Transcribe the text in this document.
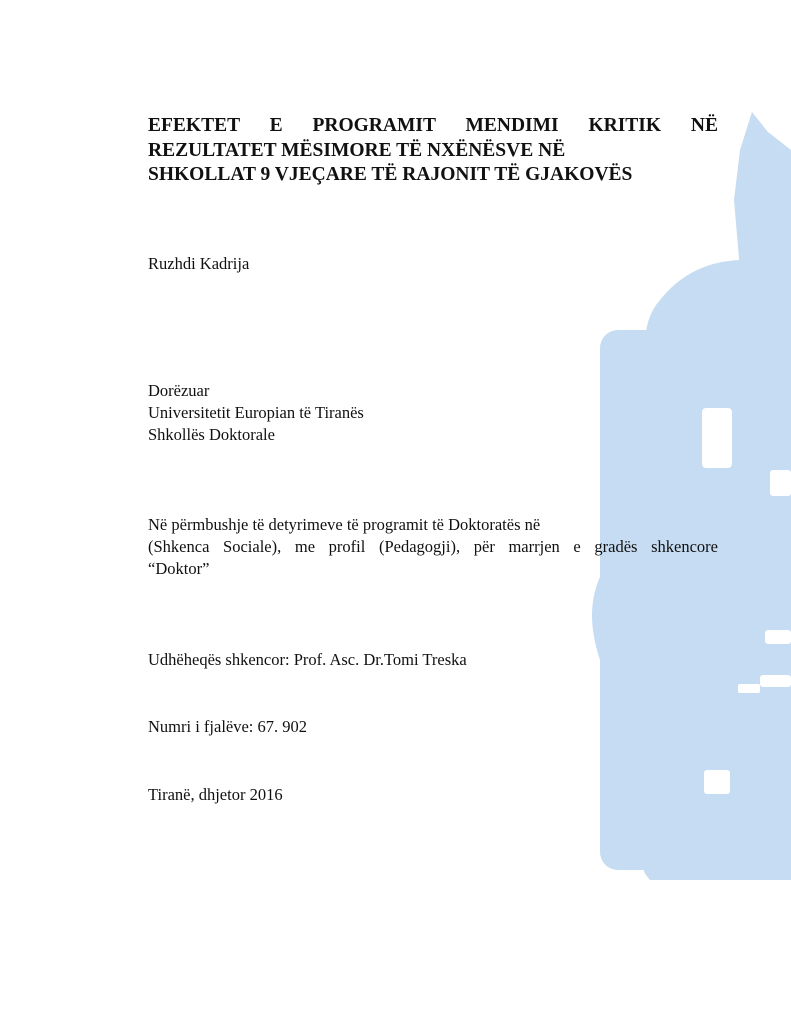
EFEKTET E PROGRAMIT MENDIMI KRITIK NË
REZULTATET MËSIMORE TË NXËNËSVE NË
SHKOLLAT 9 VJEÇARE TË RAJONIT TË GJAKOVËS
Ruzhdi Kadrija
Dorëzuar
Universitetit Europian të Tiranës
Shkollës Doktorale
Në përmbushje të detyrimeve të programit të Doktoratës në
(Shkenca Sociale), me profil (Pedagogji), për marrjen e gradës shkencore
“Doktor”
Udhëheqës shkencor: Prof. Asc. Dr.Tomi Treska
Numri i fjalëve: 67. 902
Tiranë, dhjetor 2016
